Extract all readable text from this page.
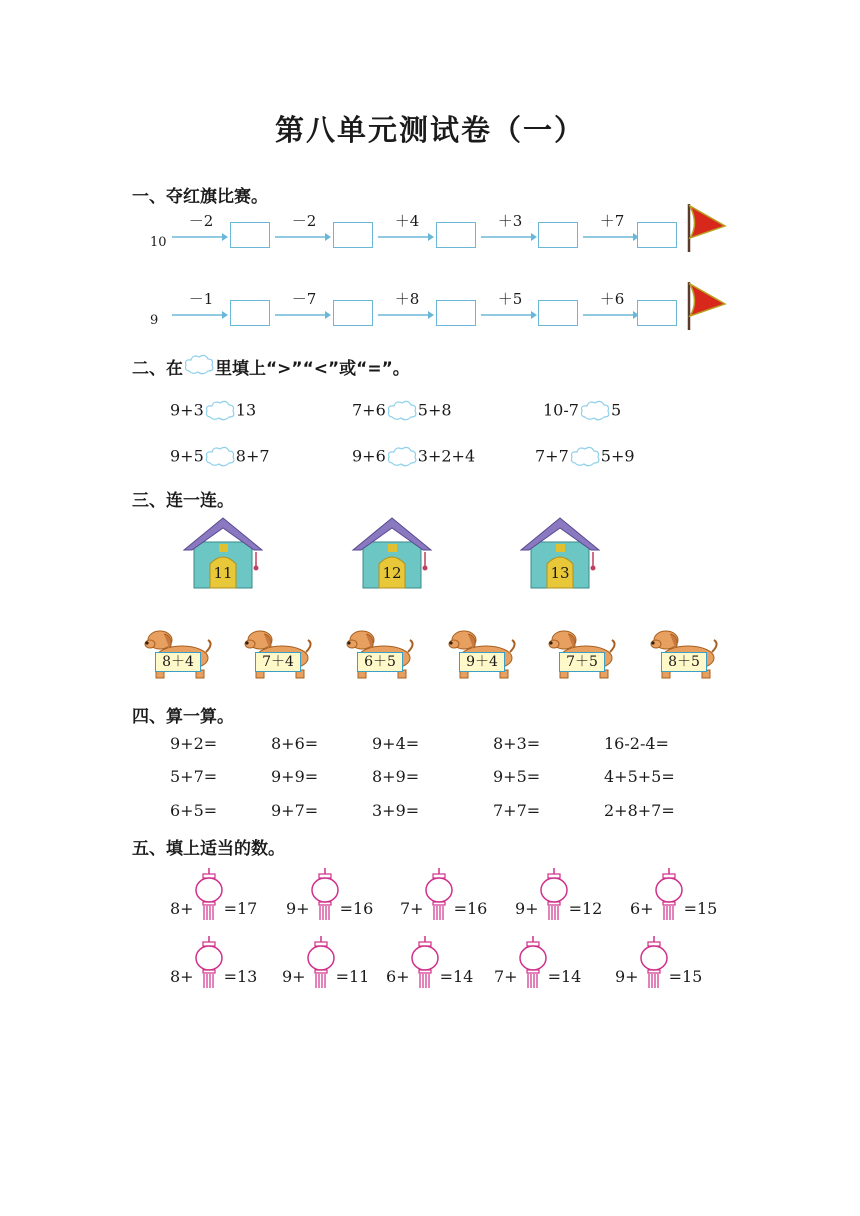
第八单元测试卷（一）
一、夺红旗比赛。
10
－2	－2	＋4	＋3	＋7
9
－1	－7	＋8	＋5	＋6
二、在 里填上“>”“<”或“=”。
9+3 13	7+6 5+8	10-7 5
9+5 8+7	9+6 3+2+4	7+7 5+9
三、连一连。
11	12	13
8＋4	7＋4	6＋5	9＋4	7＋5	8＋5
四、算一算。
9+2=	8+6=	9+4=	8+3=	16-2-4=
5+7=	9+9=	8+9=	9+5=	4+5+5=
6+5=	9+7=	3+9=	7+7=	2+8+7=
五、填上适当的数。
8+ =17 9+ =16 7+ =16 9+ =12 6+ =15
8+ =13 9+ =11 6+ =14 7+ =14 9+ =15
